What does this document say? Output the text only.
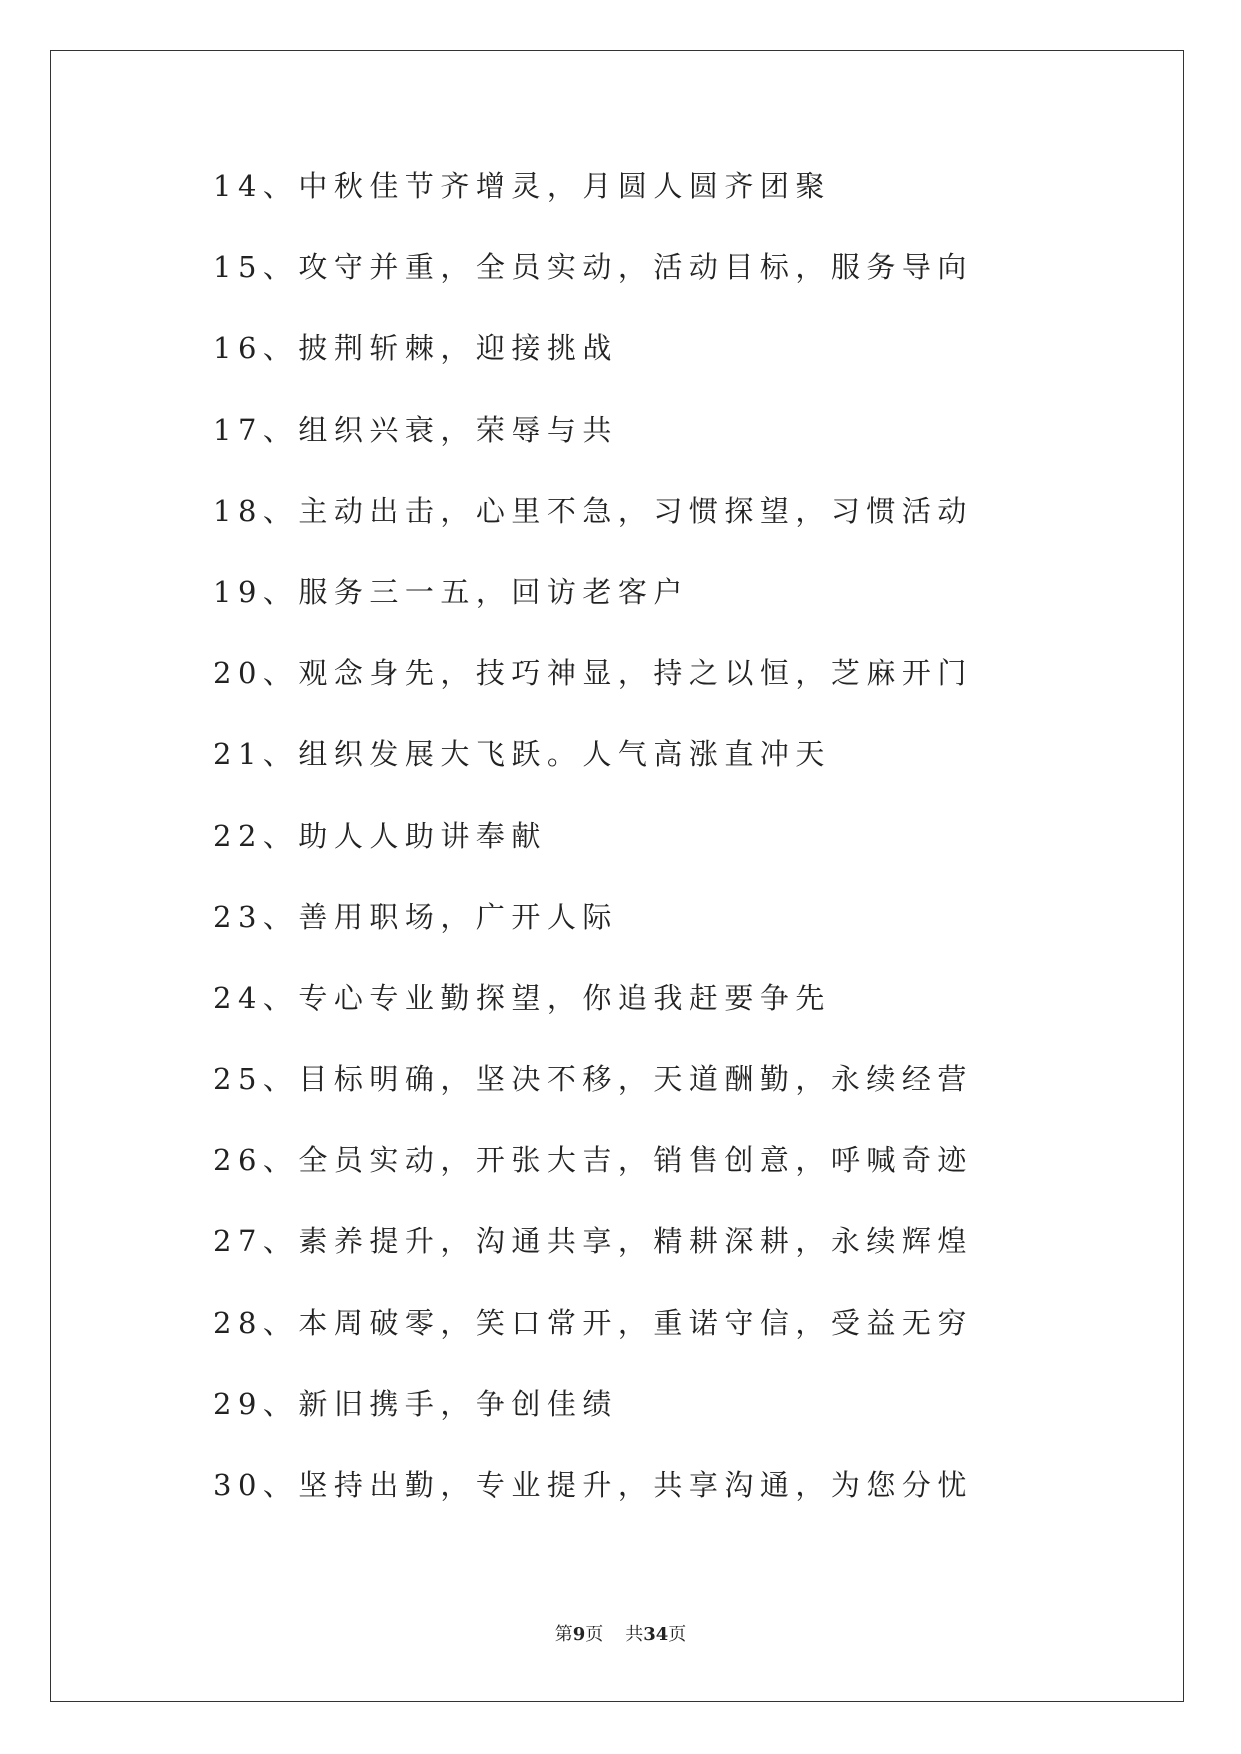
14、中秋佳节齐增灵，月圆人圆齐团聚
15、攻守并重，全员实动，活动目标，服务导向
16、披荆斩棘，迎接挑战
17、组织兴衰，荣辱与共
18、主动出击，心里不急，习惯探望，习惯活动
19、服务三一五，回访老客户
20、观念身先，技巧神显，持之以恒，芝麻开门
21、组织发展大飞跃。人气高涨直冲天
22、助人人助讲奉献
23、善用职场，广开人际
24、专心专业勤探望，你追我赶要争先
25、目标明确，坚决不移，天道酬勤，永续经营
26、全员实动，开张大吉，销售创意，呼喊奇迹
27、素养提升，沟通共享，精耕深耕，永续辉煌
28、本周破零，笑口常开，重诺守信，受益无穷
29、新旧携手，争创佳绩
30、坚持出勤，专业提升，共享沟通，为您分忧
第9页 共34页
